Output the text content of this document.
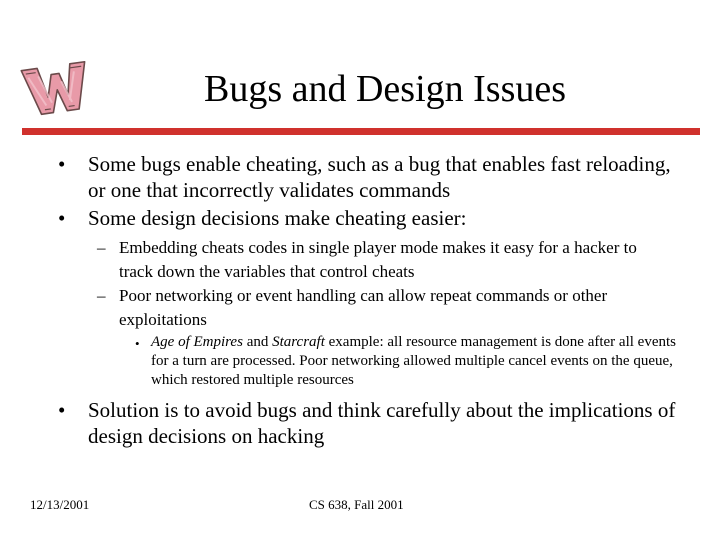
Bugs and Design Issues
• Some bugs enable cheating, such as a bug that enables fast reloading, or one that incorrectly validates commands
• Some design decisions make cheating easier:
– Embedding cheats codes in single player mode makes it easy for a hacker to track down the variables that control cheats
– Poor networking or event handling can allow repeat commands or other exploitations
• Age of Empires and Starcraft example: all resource management is done after all events for a turn are processed. Poor networking allowed multiple cancel events on the queue, which restored multiple resources
• Solution is to avoid bugs and think carefully about the implications of design decisions on hacking
12/13/2001	CS 638, Fall 2001
